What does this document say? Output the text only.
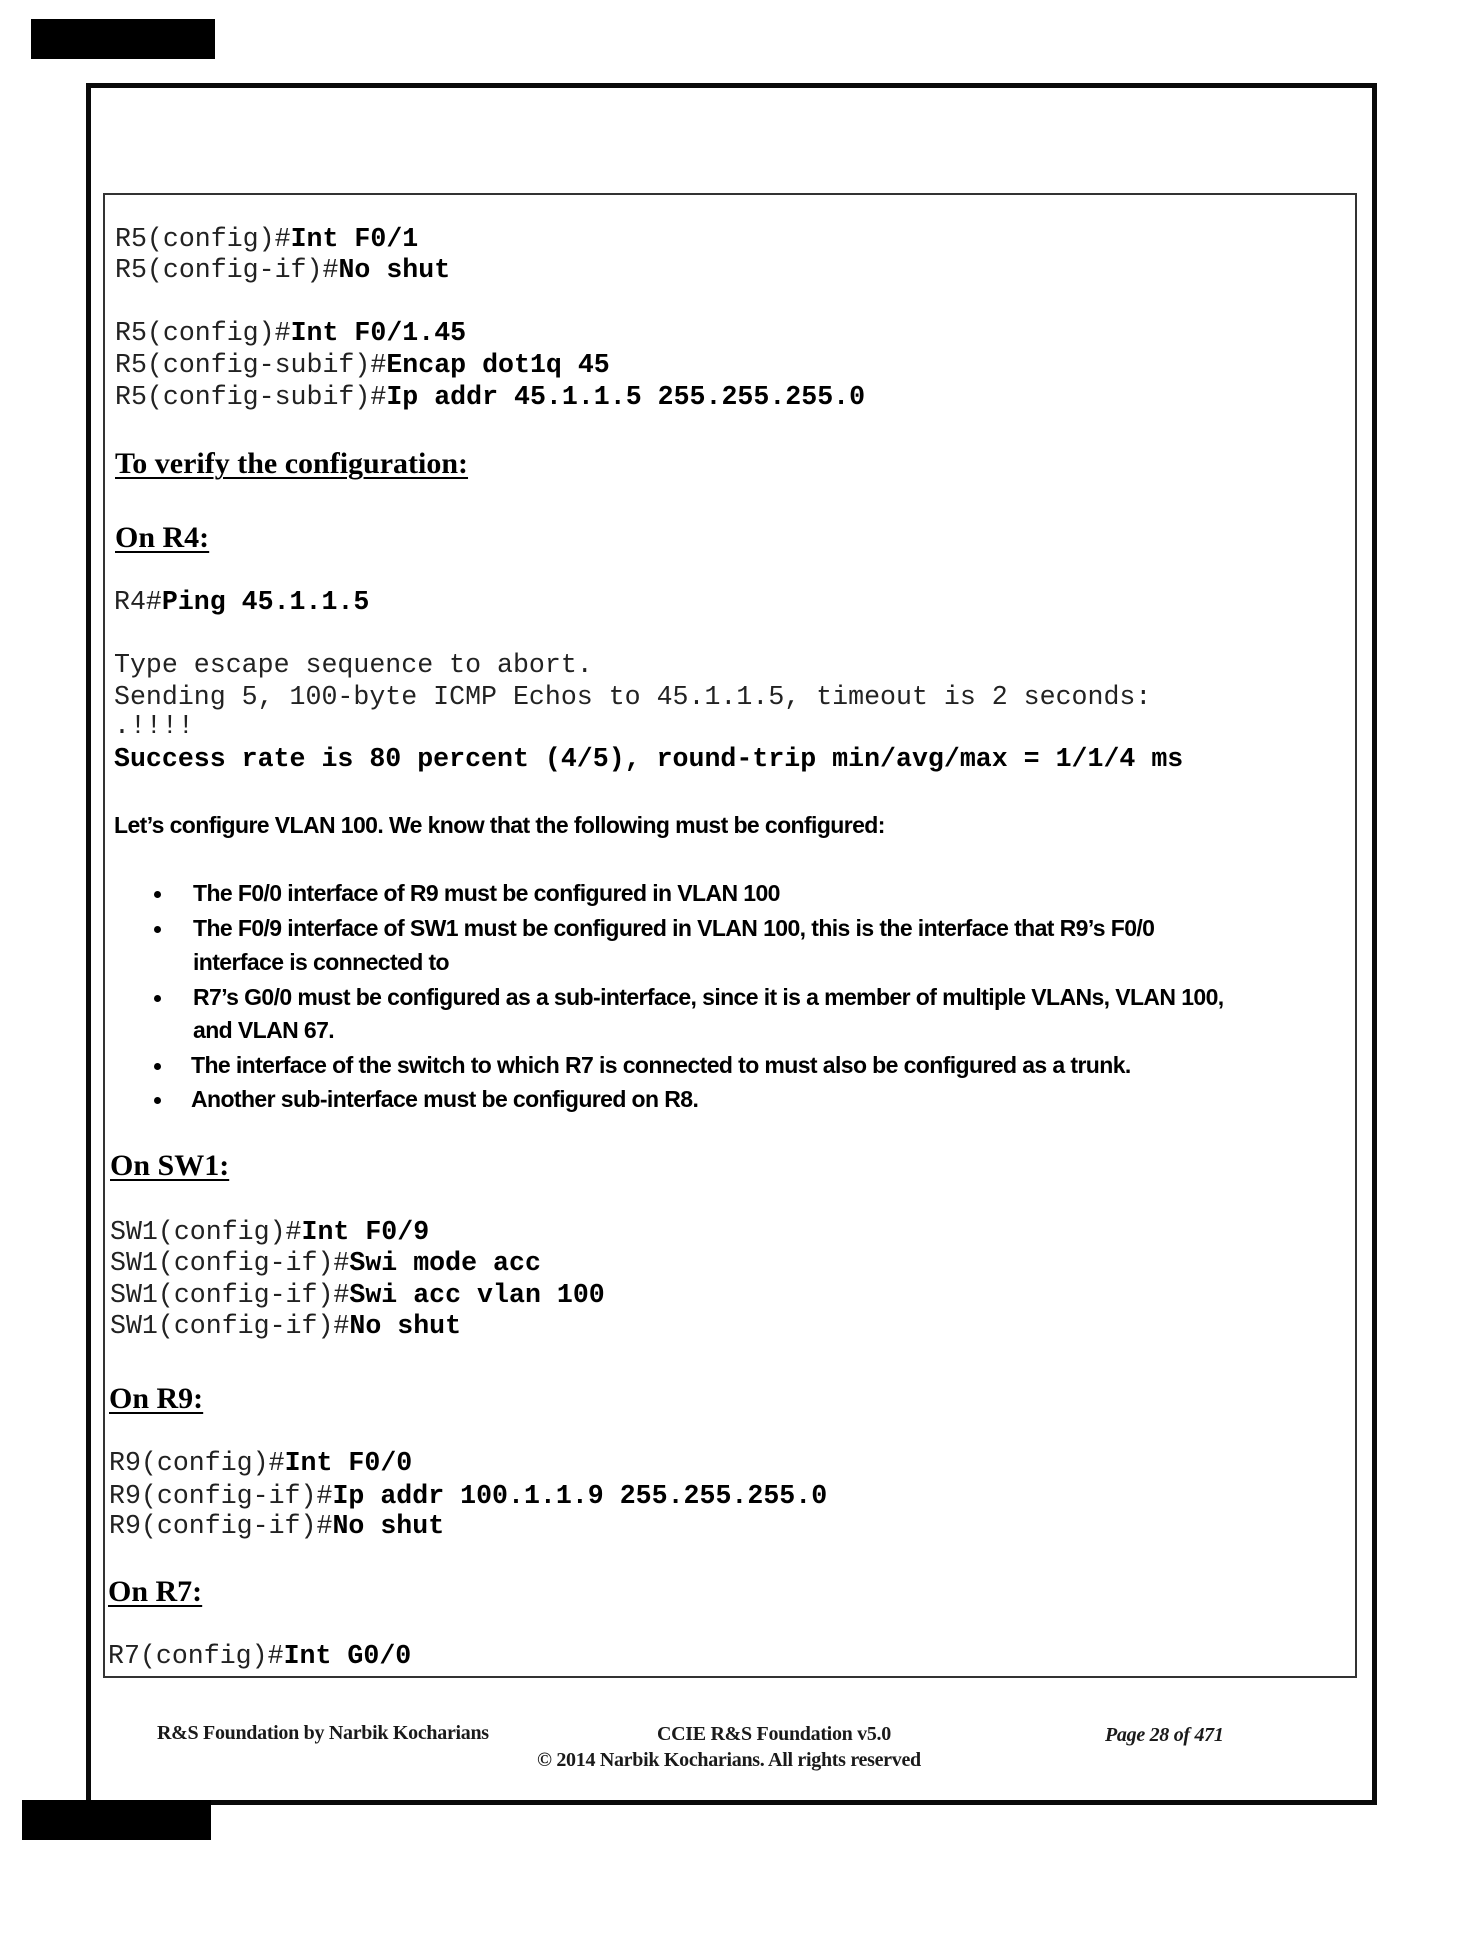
R5(config)#Int F0/1
R5(config-if)#No shut
R5(config)#Int F0/1.45
R5(config-subif)#Encap dot1q 45
R5(config-subif)#Ip addr 45.1.1.5 255.255.255.0
To verify the configuration:
On R4:
R4#Ping 45.1.1.5
Type escape sequence to abort.
Sending 5, 100-byte ICMP Echos to 45.1.1.5, timeout is 2 seconds:
.!!!!
Success rate is 80 percent (4/5), round-trip min/avg/max = 1/1/4 ms
Let’s configure VLAN 100. We know that the following must be configured:
The F0/0 interface of R9 must be configured in VLAN 100
The F0/9 interface of SW1 must be configured in VLAN 100, this is the interface that R9’s F0/0
interface is connected to
R7’s G0/0 must be configured as a sub-interface, since it is a member of multiple VLANs, VLAN 100,
and VLAN 67.
The interface of the switch to which R7 is connected to must also be configured as a trunk.
Another sub-interface must be configured on R8.
On SW1:
SW1(config)#Int F0/9
SW1(config-if)#Swi mode acc
SW1(config-if)#Swi acc vlan 100
SW1(config-if)#No shut
On R9:
R9(config)#Int F0/0
R9(config-if)#Ip addr 100.1.1.9 255.255.255.0
R9(config-if)#No shut
On R7:
R7(config)#Int G0/0
R&S Foundation by Narbik Kocharians	CCIE R&S Foundation v5.0	Page 28 of 471
© 2014 Narbik Kocharians. All rights reserved
